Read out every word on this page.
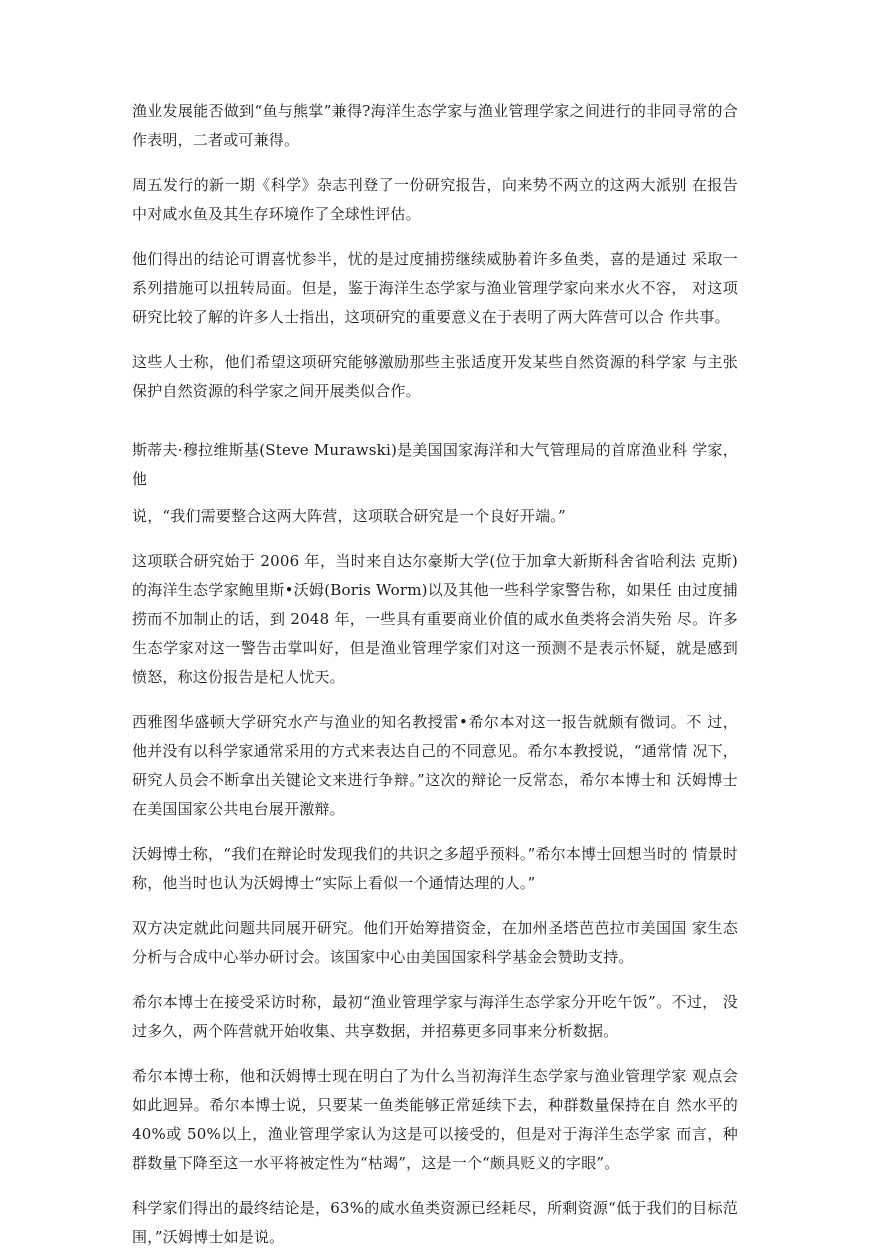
渔业发展能否做到“鱼与熊掌”兼得?海洋生态学家与渔业管理学家之间进行的非同寻常的合作表明，二者或可兼得。

周五发行的新一期《科学》杂志刊登了一份研究报告，向来势不两立的这两大派别 在报告中对咸水鱼及其生存环境作了全球性评估。

他们得出的结论可谓喜忧参半，忧的是过度捕捞继续威胁着许多鱼类，喜的是通过 采取一系列措施可以扭转局面。但是，鉴于海洋生态学家与渔业管理学家向来水火不容， 对这项研究比较了解的许多人士指出，这项研究的重要意义在于表明了两大阵营可以合 作共事。

这些人士称，他们希望这项研究能够激励那些主张适度开发某些自然资源的科学家 与主张保护自然资源的科学家之间开展类似合作。

斯蒂夫·穆拉维斯基(Steve Murawski)是美国国家海洋和大气管理局的首席渔业科 学家，他

说，“我们需要整合这两大阵营，这项联合研究是一个良好开端。”

这项联合研究始于 2006 年，当时来自达尔豪斯大学(位于加拿大新斯科舍省哈利法 克斯)的海洋生态学家鲍里斯•沃姆(Boris Worm)以及其他一些科学家警告称，如果任 由过度捕捞而不加制止的话，到 2048 年，一些具有重要商业价值的咸水鱼类将会消失殆 尽。许多生态学家对这一警告击掌叫好，但是渔业管理学家们对这一预测不是表示怀疑，就是感到愤怒，称这份报告是杞人忧天。

西雅图华盛顿大学研究水产与渔业的知名教授雷•希尔本对这一报告就颇有微词。不 过，他并没有以科学家通常采用的方式来表达自己的不同意见。希尔本教授说，“通常情 况下，研究人员会不断拿出关键论文来进行争辩。”这次的辩论一反常态，希尔本博士和 沃姆博士在美国国家公共电台展开激辩。

沃姆博士称，“我们在辩论时发现我们的共识之多超乎预料。”希尔本博士回想当时的 情景时称，他当时也认为沃姆博士“实际上看似一个通情达理的人。”

双方决定就此问题共同展开研究。他们开始筹措资金，在加州圣塔芭芭拉市美国国 家生态分析与合成中心举办研讨会。该国家中心由美国国家科学基金会赞助支持。

希尔本博士在接受采访时称，最初“渔业管理学家与海洋生态学家分开吃午饭”。不过， 没过多久，两个阵营就开始收集、共享数据，并招募更多同事来分析数据。

希尔本博士称，他和沃姆博士现在明白了为什么当初海洋生态学家与渔业管理学家 观点会如此迥异。希尔本博士说，只要某一鱼类能够正常延续下去，种群数量保持在自 然水平的 40%或 50%以上，渔业管理学家认为这是可以接受的，但是对于海洋生态学家 而言，种群数量下降至这一水平将被定性为“枯竭”，这是一个“颇具贬义的字眼”。

科学家们得出的最终结论是，63%的咸水鱼类资源已经耗尽，所剩资源“低于我们的目标范围，”沃姆博士如是说。
